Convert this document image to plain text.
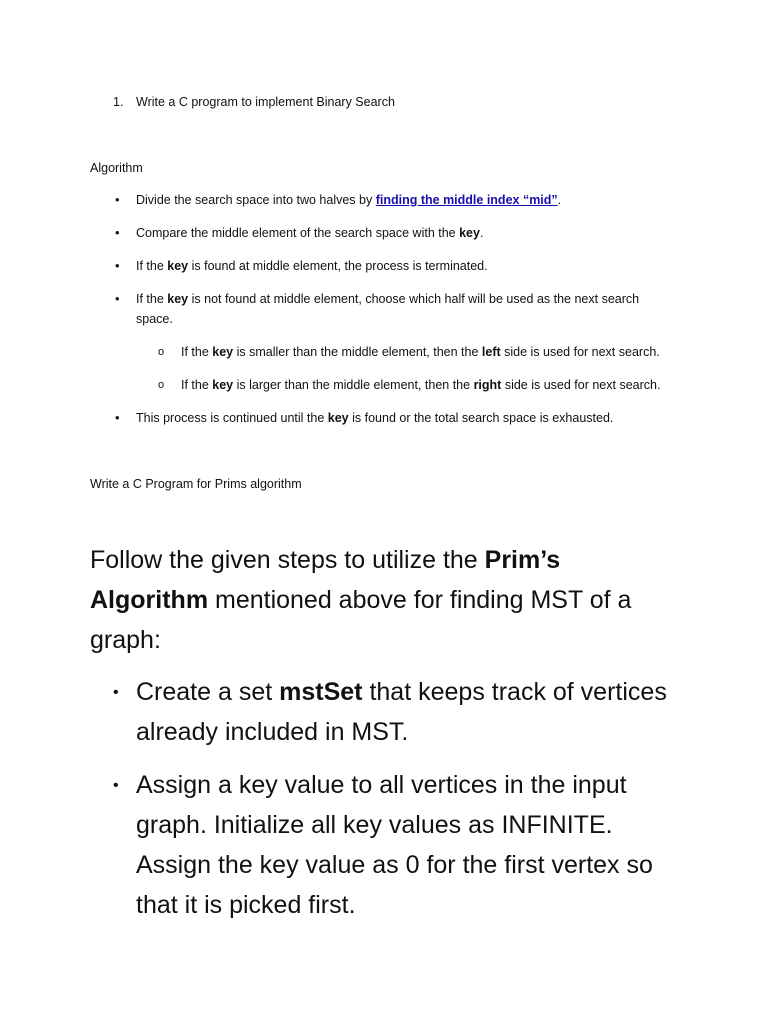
1. Write a C program to implement Binary Search
Algorithm
• Divide the search space into two halves by finding the middle index “mid”.
• Compare the middle element of the search space with the key.
• If the key is found at middle element, the process is terminated.
• If the key is not found at middle element, choose which half will be used as the next search
space.
o If the key is smaller than the middle element, then the left side is used for next search.
o If the key is larger than the middle element, then the right side is used for next search.
• This process is continued until the key is found or the total search space is exhausted.
Write a C Program for Prims algorithm
Follow the given steps to utilize the Prim’s
Algorithm mentioned above for finding MST of a
graph:
• Create a set mstSet that keeps track of vertices
already included in MST.
• Assign a key value to all vertices in the input
graph. Initialize all key values as INFINITE.
Assign the key value as 0 for the first vertex so
that it is picked first.
